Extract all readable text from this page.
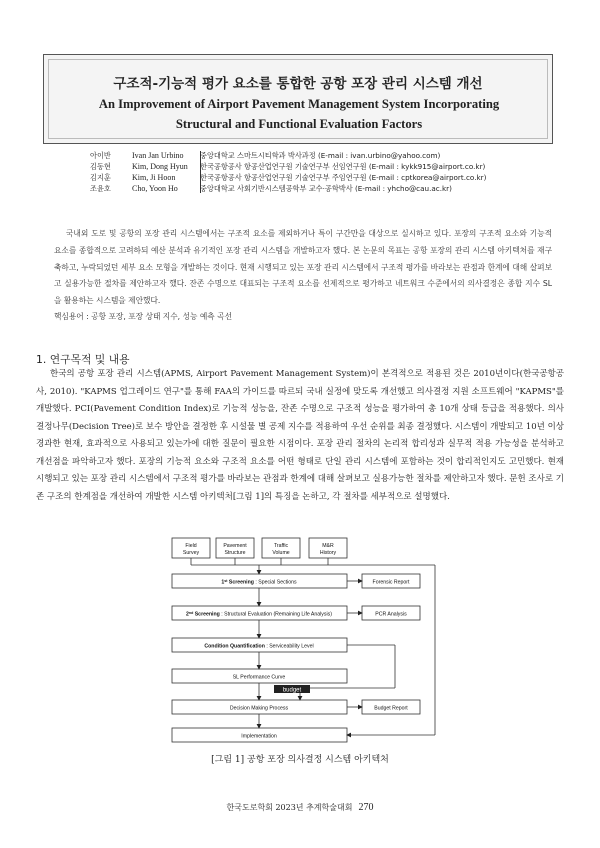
구조적-기능적 평가 요소를 통합한 공항 포장 관리 시스템 개선
An Improvement of Airport Pavement Management System Incorporating Structural and Functional Evaluation Factors
아이반	Ivan Jan Urbino 중앙대학교 스마트시티학과 박사과정 (E-mail : ivan.urbino@yahoo.com)
김동현	Kim, Dong Hyun 한국공항공사 항공산업연구원 기술연구부 선임연구원 (E-mail : kykk915@airport.co.kr)
김지훈	Kim, Ji Hoon	한국공항공사 항공산업연구원 기술연구부 주임연구원 (E-mail : cptkorea@airport.co.kr)
조윤호	Cho, Yoon Ho	중앙대학교 사회기반시스템공학부 교수·공학박사 (E-mail : yhcho@cau.ac.kr)
국내외 도로 및 공항의 포장 관리 시스템에서는 구조적 요소를 제외하거나 특이 구간만을 대상으로 실시하고 있다. 포장의 구조적 요소와 기능적 요소를 종합적으로 고려하되 예산 분석과 유기적인 포장 관리 시스템을 개발하고자 했다. 본 논문의 목표는 공항 포장의 관리 시스템 아키텍처를 재구축하고, 누락되었던 세부 요소 모형을 개발하는 것이다. 현재 시행되고 있는 포장 관리 시스템에서 구조적 평가를 바라보는 관점과 한계에 대해 살펴보고 실용가능한 절차를 제안하고자 했다. 잔존 수명으로 대표되는 구조적 요소를 선제적으로 평가하고 네트워크 수준에서의 의사결정은 종합 지수 SL을 활용하는 시스템을 제안했다.
핵심용어 : 공항 포장, 포장 상태 지수, 성능 예측 곡선
1. 연구목적 및 내용
한국의 공항 포장 관리 시스템(APMS, Airport Pavement Management System)이 본격적으로 적용된 것은 2010년이다(한국공항공사, 2010). "KAPMS 업그레이드 연구"를 통해 FAA의 가이드를 따르되 국내 실정에 맞도록 개선했고 의사결정 지원 소프트웨어 "KAPMS"를 개발했다. PCI(Pavement Condition Index)로 기능적 성능을, 잔존 수명으로 구조적 성능을 평가하여 총 10개 상태 등급을 적용했다. 의사결정나무(Decision Tree)로 보수 방안을 결정한 후 시설물 별 공제 지수를 적용하여 우선 순위를 최종 결정했다. 시스템이 개발되고 10년 이상 경과한 현재, 효과적으로 사용되고 있는가에 대한 질문이 필요한 시점이다. 포장 관리 절차의 논리적 합리성과 실무적 적용 가능성을 분석하고 개선점을 파악하고자 했다. 포장의 기능적 요소와 구조적 요소를 어떤 형태로 단일 관리 시스템에 포함하는 것이 합리적인지도 고민했다. 현재 시행되고 있는 포장 관리 시스템에서 구조적 평가를 바라보는 관점과 한계에 대해 살펴보고 실용가능한 절차를 제안하고자 했다. 문헌 조사로 기존 구조의 한계점을 개선하여 개발한 시스템 아키텍처[그림 1]의 특징을 논하고, 각 절차를 세부적으로 설명했다.
budget
Field
Survey
Pavement
Structure
Traffic
Volume
M&R
History
1st Screening : Special Sections	Forensic Report
2nd Screening : Structural Evaluation (Remaining Life Analysis)	PCR Analysis
Condition Quantification : Serviceability Level
SL Performance Curve
Decision Making Process	Budget Report
Implementation
[그림 1] 공항 포장 의사결정 시스템 아키텍처
한국도로학회 2023년 추계학술대회 270
